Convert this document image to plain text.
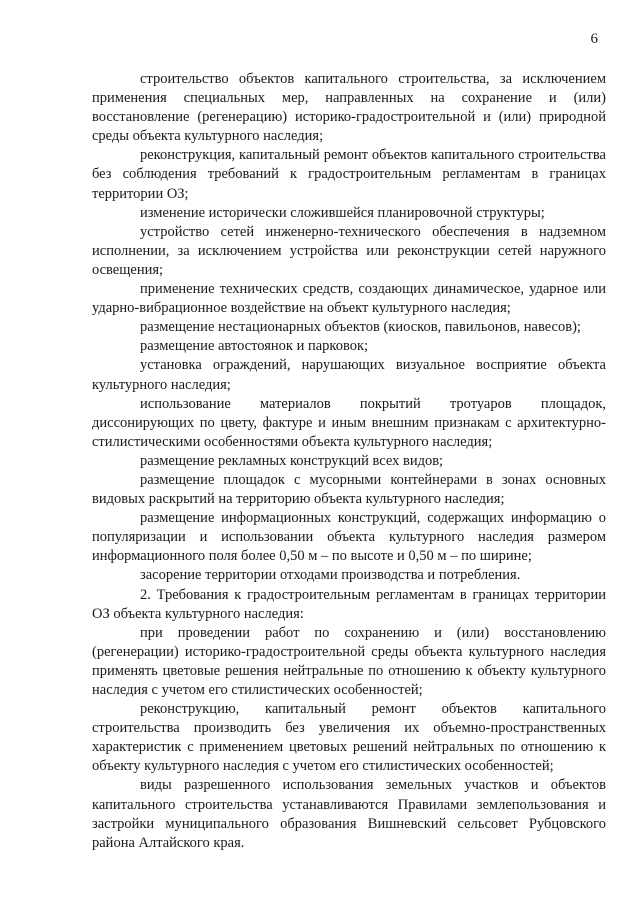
6

строительство объектов капитального строительства, за исключением применения специальных мер, направленных на сохранение и (или) восстановление (регенерацию) историко-градостроительной и (или) природной среды объекта культурного наследия;

реконструкция, капитальный ремонт объектов капитального строительства без соблюдения требований к градостроительным регламентам в границах территории ОЗ;

изменение исторически сложившейся планировочной структуры;

устройство сетей инженерно-технического обеспечения в надземном исполнении, за исключением устройства или реконструкции сетей наружного освещения;

применение технических средств, создающих динамическое, ударное или ударно-вибрационное воздействие на объект культурного наследия;

размещение нестационарных объектов (киосков, павильонов, навесов);

размещение автостоянок и парковок;

установка ограждений, нарушающих визуальное восприятие объекта культурного наследия;

использование материалов покрытий тротуаров площадок, диссонирующих по цвету, фактуре и иным внешним признакам с архитектурно-стилистическими особенностями объекта культурного наследия;

размещение рекламных конструкций всех видов;

размещение площадок с мусорными контейнерами в зонах основных видовых раскрытий на территорию объекта культурного наследия;

размещение информационных конструкций, содержащих информацию о популяризации и использовании объекта культурного наследия размером информационного поля более 0,50 м – по высоте и 0,50 м – по ширине;

засорение территории отходами производства и потребления.

2. Требования к градостроительным регламентам в границах территории ОЗ объекта культурного наследия:

при проведении работ по сохранению и (или) восстановлению (регенерации) историко-градостроительной среды объекта культурного наследия применять цветовые решения нейтральные по отношению к объекту культурного наследия с учетом его стилистических особенностей;

реконструкцию, капитальный ремонт объектов капитального строительства производить без увеличения их объемно-пространственных характеристик с применением цветовых решений нейтральных по отношению к объекту культурного наследия с учетом его стилистических особенностей;

виды разрешенного использования земельных участков и объектов капитального строительства устанавливаются Правилами землепользования и застройки муниципального образования Вишневский сельсовет Рубцовского района Алтайского края.
